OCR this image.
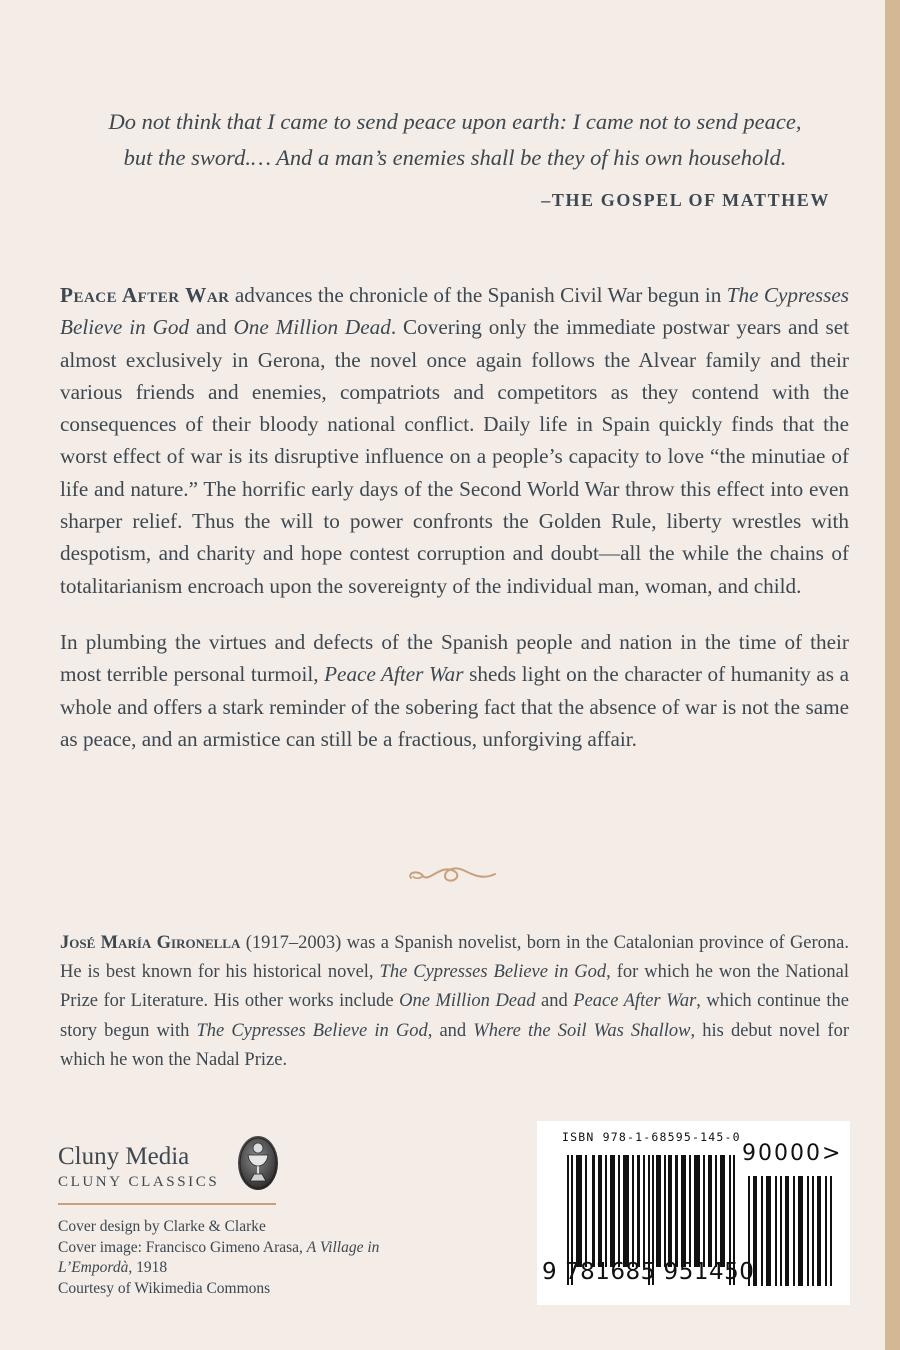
Do not think that I came to send peace upon earth: I came not to send peace,
but the sword.… And a man’s enemies shall be they of his own household.
–THE GOSPEL OF MATTHEW

Peace After War advances the chronicle of the Spanish Civil War begun in The Cypresses Believe in God and One Million Dead. Covering only the immediate postwar years and set almost exclusively in Gerona, the novel once again follows the Alvear family and their various friends and enemies, compatriots and competitors as they contend with the consequences of their bloody national conflict. Daily life in Spain quickly finds that the worst effect of war is its disruptive influence on a people’s capacity to love “the minutiae of life and nature.” The horrific early days of the Second World War throw this effect into even sharper relief. Thus the will to power confronts the Golden Rule, liberty wrestles with despotism, and charity and hope contest corruption and doubt—all the while the chains of totalitarianism encroach upon the sovereignty of the individual man, woman, and child.

In plumbing the virtues and defects of the Spanish people and nation in the time of their most terrible personal turmoil, Peace After War sheds light on the character of humanity as a whole and offers a stark reminder of the sobering fact that the absence of war is not the same as peace, and an armistice can still be a fractious, unforgiving affair.

José María Gironella (1917–2003) was a Spanish novelist, born in the Catalonian province of Gerona. He is best known for his historical novel, The Cypresses Believe in God, for which he won the National Prize for Literature. His other works include One Million Dead and Peace After War, which continue the story begun with The Cypresses Believe in God, and Where the Soil Was Shallow, his debut novel for which he won the Nadal Prize.
Cluny Media
CLUNY CLASSICS
Cover design by Clarke & Clarke
Cover image: Francisco Gimeno Arasa, A Village in L’Empordà, 1918
Courtesy of Wikimedia Commons
ISBN 978-1-68595-145-0
90000>
9 781685 951450
